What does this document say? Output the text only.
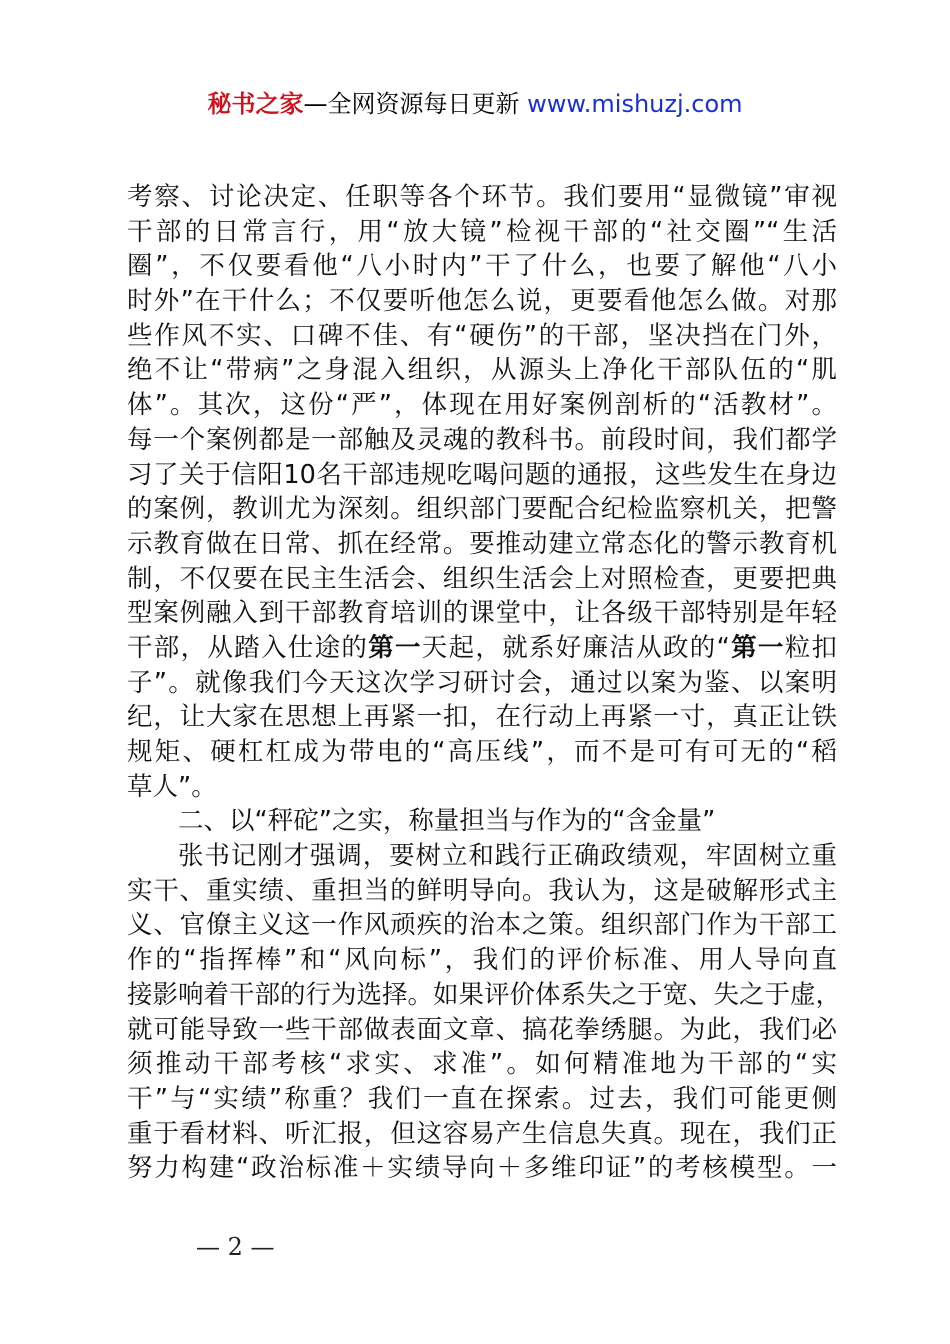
秘书之家—全网资源每日更新 www.mishuzj.com
考察、讨论决定、任职等各个环节。我们要用“显微镜”审视
干部的日常言行，用“放大镜”检视干部的“社交圈”“生活
圈”，不仅要看他“八小时内”干了什么，也要了解他“八小
时外”在干什么；不仅要听他怎么说，更要看他怎么做。对那
些作风不实、口碑不佳、有“硬伤”的干部，坚决挡在门外，
绝不让“带病”之身混入组织，从源头上净化干部队伍的“肌
体”。其次，这份“严”，体现在用好案例剖析的“活教材”。
每一个案例都是一部触及灵魂的教科书。前段时间，我们都学
习了关于信阳10名干部违规吃喝问题的通报，这些发生在身边
的案例，教训尤为深刻。组织部门要配合纪检监察机关，把警
示教育做在日常、抓在经常。要推动建立常态化的警示教育机
制，不仅要在民主生活会、组织生活会上对照检查，更要把典
型案例融入到干部教育培训的课堂中，让各级干部特别是年轻
干部，从踏入仕途的第一天起，就系好廉洁从政的“第一粒扣
子”。就像我们今天这次学习研讨会，通过以案为鉴、以案明
纪，让大家在思想上再紧一扣，在行动上再紧一寸，真正让铁
规矩、硬杠杠成为带电的“高压线”，而不是可有可无的“稻
草人”。
二、以“秤砣”之实，称量担当与作为的“含金量”
张书记刚才强调，要树立和践行正确政绩观，牢固树立重
实干、重实绩、重担当的鲜明导向。我认为，这是破解形式主
义、官僚主义这一作风顽疾的治本之策。组织部门作为干部工
作的“指挥棒”和“风向标”，我们的评价标准、用人导向直
接影响着干部的行为选择。如果评价体系失之于宽、失之于虚，
就可能导致一些干部做表面文章、搞花拳绣腿。为此，我们必
须推动干部考核“求实、求准”。如何精准地为干部的“实
干”与“实绩”称重？我们一直在探索。过去，我们可能更侧
重于看材料、听汇报，但这容易产生信息失真。现在，我们正
努力构建“政治标准＋实绩导向＋多维印证”的考核模型。一
— 2 —
